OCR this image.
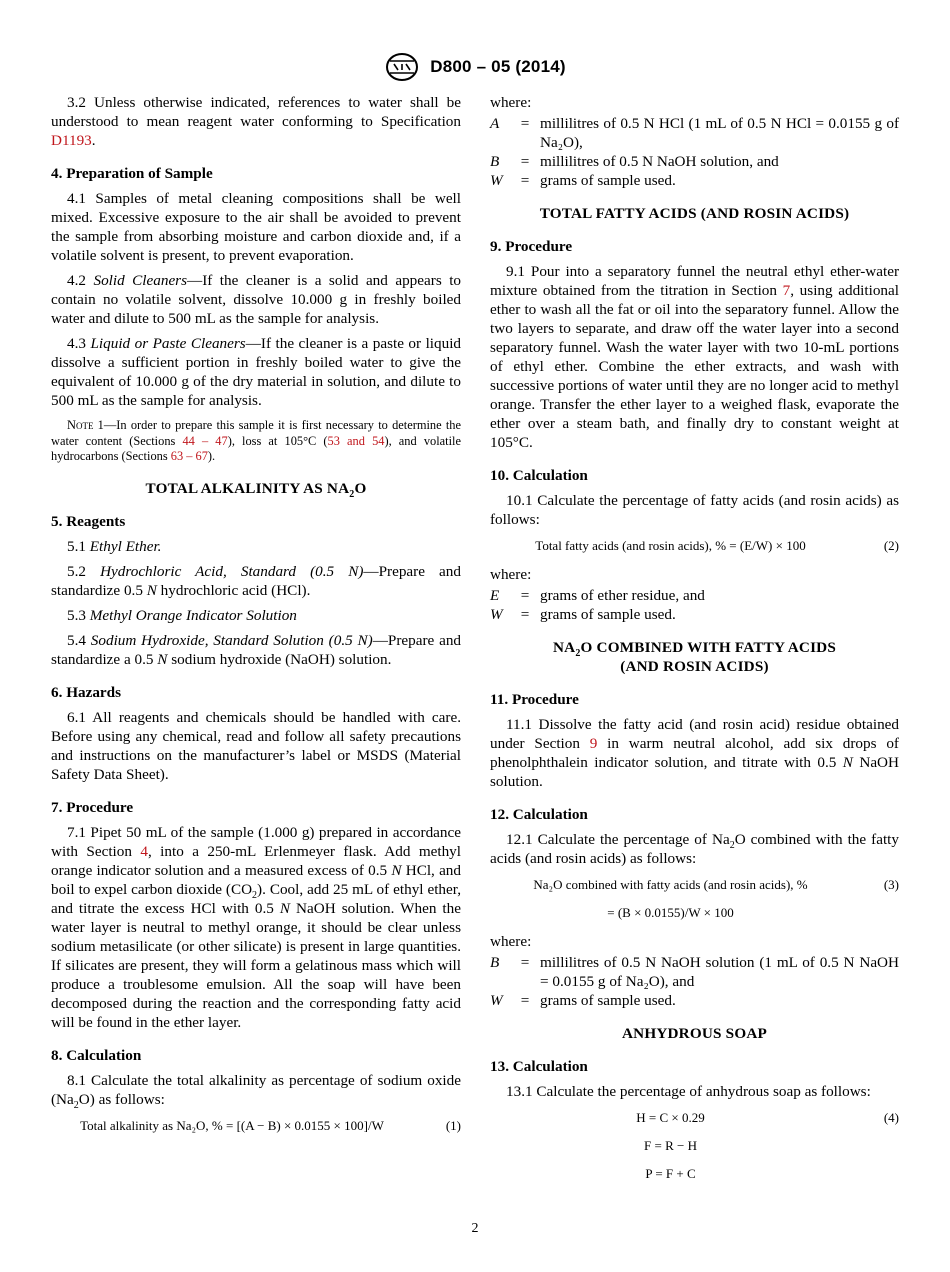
D800 – 05 (2014)

3.2 Unless otherwise indicated, references to water shall be understood to mean reagent water conforming to Specification D1193.

4. Preparation of Sample

4.1 Samples of metal cleaning compositions shall be well mixed. Excessive exposure to the air shall be avoided to prevent the sample from absorbing moisture and carbon dioxide and, if a volatile solvent is present, to prevent evaporation.

4.2 Solid Cleaners—If the cleaner is a solid and appears to contain no volatile solvent, dissolve 10.000 g in freshly boiled water and dilute to 500 mL as the sample for analysis.

4.3 Liquid or Paste Cleaners—If the cleaner is a paste or liquid dissolve a sufficient portion in freshly boiled water to give the equivalent of 10.000 g of the dry material in solution, and dilute to 500 mL as the sample for analysis.

Note 1—In order to prepare this sample it is first necessary to determine the water content (Sections 44 – 47), loss at 105°C (53 and 54), and volatile hydrocarbons (Sections 63 – 67).
TOTAL ALKALINITY AS $NA_2O$
5. Reagents

5.1 Ethyl Ether.

5.2 Hydrochloric Acid, Standard (0.5 N)—Prepare and standardize 0.5 N hydrochloric acid (HCl).

5.3 Methyl Orange Indicator Solution

5.4 Sodium Hydroxide, Standard Solution (0.5 N)—Prepare and standardize a 0.5 N sodium hydroxide (NaOH) solution.

6. Hazards

6.1 All reagents and chemicals should be handled with care. Before using any chemical, read and follow all safety precautions and instructions on the manufacturer’s label or MSDS (Material Safety Data Sheet).

7. Procedure

7.1 Pipet 50 mL of the sample (1.000 g) prepared in accordance with Section 4, into a 250-mL Erlenmeyer flask. Add methyl orange indicator solution and a measured excess of 0.5 N HCl, and boil to expel carbon dioxide $(CO_2)$. Cool, add 25 mL of ethyl ether, and titrate the excess HCl with 0.5 N NaOH solution. When the water layer is neutral to methyl orange, it should be clear unless sodium metasilicate (or other silicate) is present in large quantities. If silicates are present, they will form a gelatinous mass which will produce a troublesome emulsion. All the soap will have been decomposed during the reaction and the corresponding fatty acid will be found in the ether layer.

8. Calculation

8.1 Calculate the total alkalinity as percentage of sodium oxide $(Na_2O)$ as follows:

Total alkalinity as Na₂O, % = [(A − B) × 0.0155 × 100]/W	(1)
where:
A	= millilitres of 0.5 N HCl (1 mL of 0.5 N HCl = 0.0155 g of Na₂O),
B	= millilitres of 0.5 N NaOH solution, and
W	= grams of sample used.
TOTAL FATTY ACIDS (AND ROSIN ACIDS)
9. Procedure

9.1 Pour into a separatory funnel the neutral ethyl ether-water mixture obtained from the titration in Section 7, using additional ether to wash all the fat or oil into the separatory funnel. Allow the two layers to separate, and draw off the water layer into a second separatory funnel. Wash the water layer with two 10-mL portions of ethyl ether. Combine the ether extracts, and wash with successive portions of water until they are no longer acid to methyl orange. Transfer the ether layer to a weighed flask, evaporate the ether over a steam bath, and finally dry to constant weight at 105°C.

10. Calculation

10.1 Calculate the percentage of fatty acids (and rosin acids) as follows:

Total fatty acids (and rosin acids), % = (E/W) × 100	(2)
where:
E	= grams of ether residue, and
W	= grams of sample used.
$NA_2O$ COMBINED WITH FATTY ACIDS
(AND ROSIN ACIDS)
11. Procedure

11.1 Dissolve the fatty acid (and rosin acid) residue obtained under Section 9 in warm neutral alcohol, add six drops of phenolphthalein indicator solution, and titrate with 0.5 N NaOH solution.

12. Calculation

12.1 Calculate the percentage of $Na_2O$ combined with the fatty acids (and rosin acids) as follows:

Na₂O combined with fatty acids (and rosin acids), %	(3)
= (B × 0.0155)/W × 100
where:
B	= millilitres of 0.5 N NaOH solution (1 mL of 0.5 N NaOH = 0.0155 g of Na₂O), and
W	= grams of sample used.
ANHYDROUS SOAP
13. Calculation

13.1 Calculate the percentage of anhydrous soap as follows:

H = C × 0.29	(4)
F = R − H
P = F + C
2
